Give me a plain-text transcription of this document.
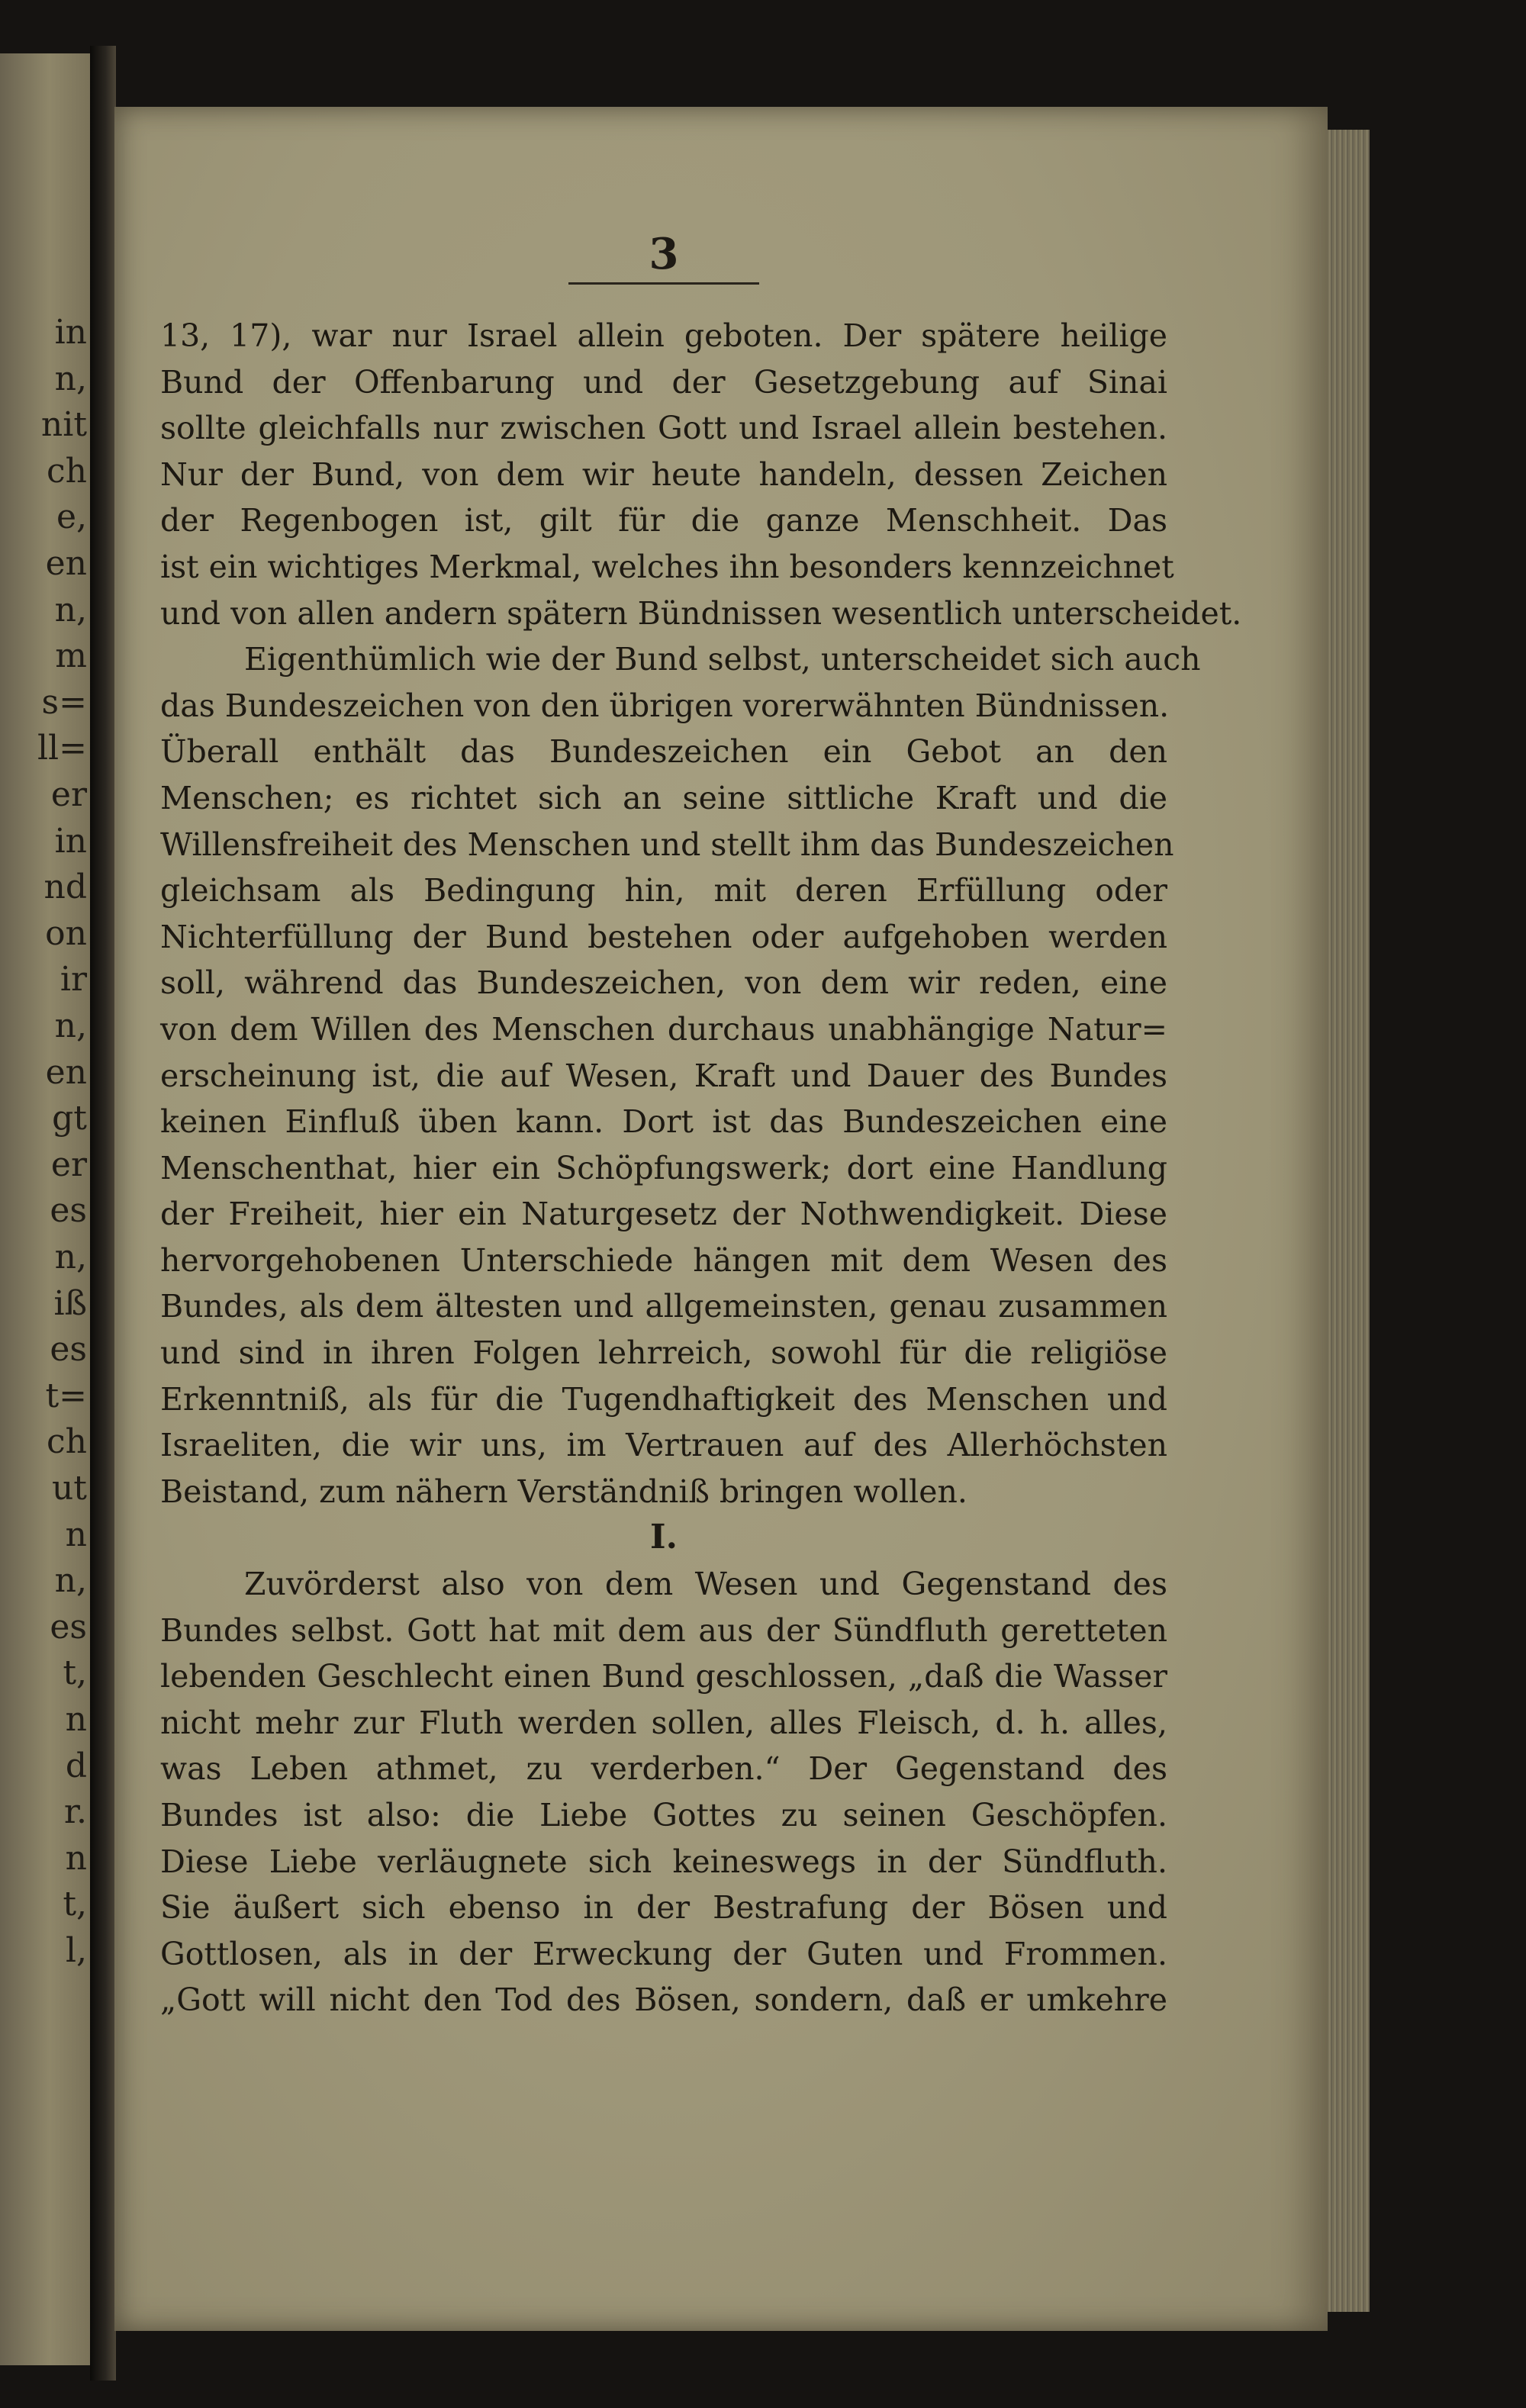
in
n,
nit
ch
e,
en
n,
m
s=
ll=
er
in
nd
on
ir
n,
en
gt
er
es
n,
iß
es
t=
ch
ut
n
n,
es
t,
n
d
r.
n
t,
l,
3
13, 17), war nur Israel allein geboten. Der spätere heilige
Bund der Offenbarung und der Gesetzgebung auf Sinai
sollte gleichfalls nur zwischen Gott und Israel allein bestehen.
Nur der Bund, von dem wir heute handeln, dessen Zeichen
der Regenbogen ist, gilt für die ganze Menschheit. Das
ist ein wichtiges Merkmal, welches ihn besonders kennzeichnet
und von allen andern spätern Bündnissen wesentlich unterscheidet.
Eigenthümlich wie der Bund selbst, unterscheidet sich auch
das Bundeszeichen von den übrigen vorerwähnten Bündnissen.
Überall enthält das Bundeszeichen ein Gebot an den
Menschen; es richtet sich an seine sittliche Kraft und die
Willensfreiheit des Menschen und stellt ihm das Bundeszeichen
gleichsam als Bedingung hin, mit deren Erfüllung oder
Nichterfüllung der Bund bestehen oder aufgehoben werden
soll, während das Bundeszeichen, von dem wir reden, eine
von dem Willen des Menschen durchaus unabhängige Natur=
erscheinung ist, die auf Wesen, Kraft und Dauer des Bundes
keinen Einfluß üben kann. Dort ist das Bundeszeichen eine
Menschenthat, hier ein Schöpfungswerk; dort eine Handlung
der Freiheit, hier ein Naturgesetz der Nothwendigkeit. Diese
hervorgehobenen Unterschiede hängen mit dem Wesen des
Bundes, als dem ältesten und allgemeinsten, genau zusammen
und sind in ihren Folgen lehrreich, sowohl für die religiöse
Erkenntniß, als für die Tugendhaftigkeit des Menschen und
Israeliten, die wir uns, im Vertrauen auf des Allerhöchsten
Beistand, zum nähern Verständniß bringen wollen.
I.
Zuvörderst also von dem Wesen und Gegenstand des
Bundes selbst. Gott hat mit dem aus der Sündfluth geretteten
lebenden Geschlecht einen Bund geschlossen, „daß die Wasser
nicht mehr zur Fluth werden sollen, alles Fleisch, d. h. alles,
was Leben athmet, zu verderben.“ Der Gegenstand des
Bundes ist also: die Liebe Gottes zu seinen Geschöpfen.
Diese Liebe verläugnete sich keineswegs in der Sündfluth.
Sie äußert sich ebenso in der Bestrafung der Bösen und
Gottlosen, als in der Erweckung der Guten und Frommen.
„Gott will nicht den Tod des Bösen, sondern, daß er umkehre
